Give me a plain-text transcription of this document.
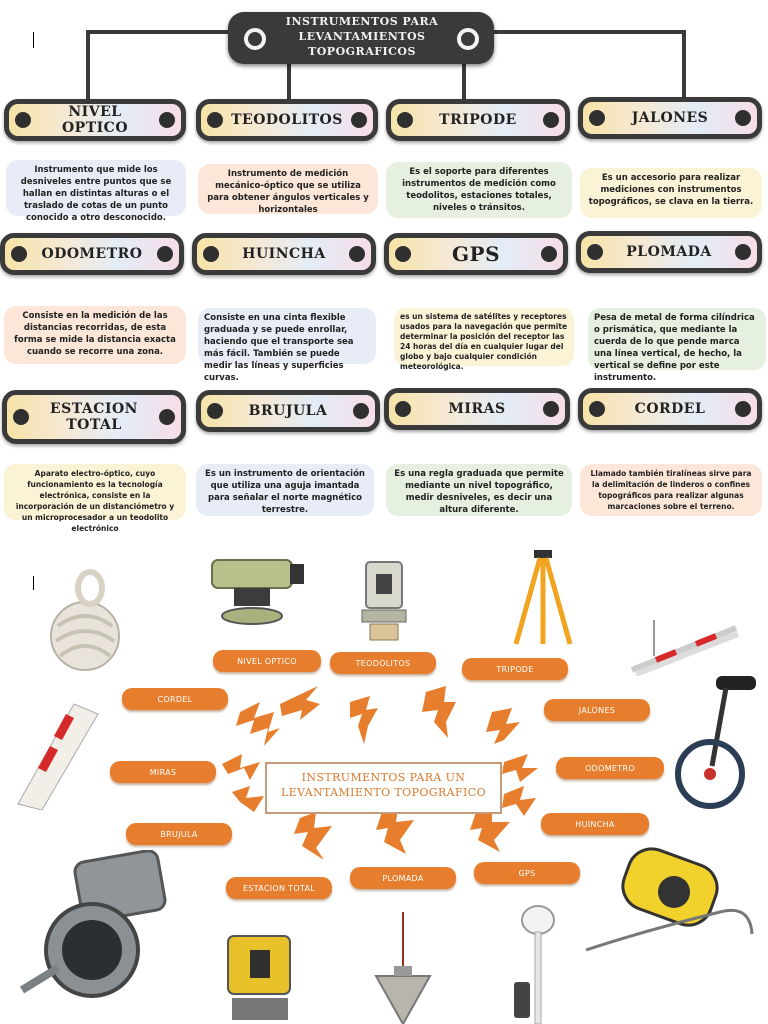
INSTRUMENTOS PARA LEVANTAMIENTOS TOPOGRAFICOS
NIVEL OPTICO	TEODOLITOS	TRIPODE	JALONES
Instrumento que mide los desniveles entre puntos que se hallan en distintas alturas o el traslado de cotas de un punto conocido a otro desconocido.
Instrumento de medición mecánico-óptico que se utiliza para obtener ángulos verticales y horizontales
Es el soporte para diferentes instrumentos de medición como teodolitos, estaciones totales, niveles o tránsitos.
Es un accesorio para realizar mediciones con instrumentos topográficos, se clava en la tierra.
ODOMETRO	HUINCHA	GPS	PLOMADA
Consiste en la medición de las distancias recorridas, de esta forma se mide la distancia exacta cuando se recorre una zona.
Consiste en una cinta flexible graduada y se puede enrollar, haciendo que el transporte sea más fácil. También se puede medir las líneas y superficies curvas.
es un sistema de satélites y receptores usados para la navegación que permite determinar la posición del receptor las 24 horas del día en cualquier lugar del globo y bajo cualquier condición meteorológica.
Pesa de metal de forma cilíndrica o prismática, que mediante la cuerda de lo que pende marca una línea vertical, de hecho, la vertical se define por este instrumento.
ESTACION TOTAL
BRUJULA	MIRAS	CORDEL
Aparato electro-óptico, cuyo funcionamiento es la tecnología electrónica, consiste en la incorporación de un distanciómetro y un microprocesador a un teodolito electrónico
Es un instrumento de orientación que utiliza una aguja imantada para señalar el norte magnético terrestre.
Es una regla graduada que permite mediante un nivel topográfico, medir desniveles, es decir una altura diferente.
Llamado también tiralíneas sirve para la delimitación de linderos o confines topográficos para realizar algunas marcaciones sobre el terreno.
INSTRUMENTOS PARA UN LEVANTAMIENTO TOPOGRAFICO
NIVEL OPTICO	TEODOLITOS
TRIPODE
CORDEL
JALONES
MIRAS	ODOMETRO
BRUJULA
HUINCHA
ESTACION TOTAL
PLOMADA
GPS
